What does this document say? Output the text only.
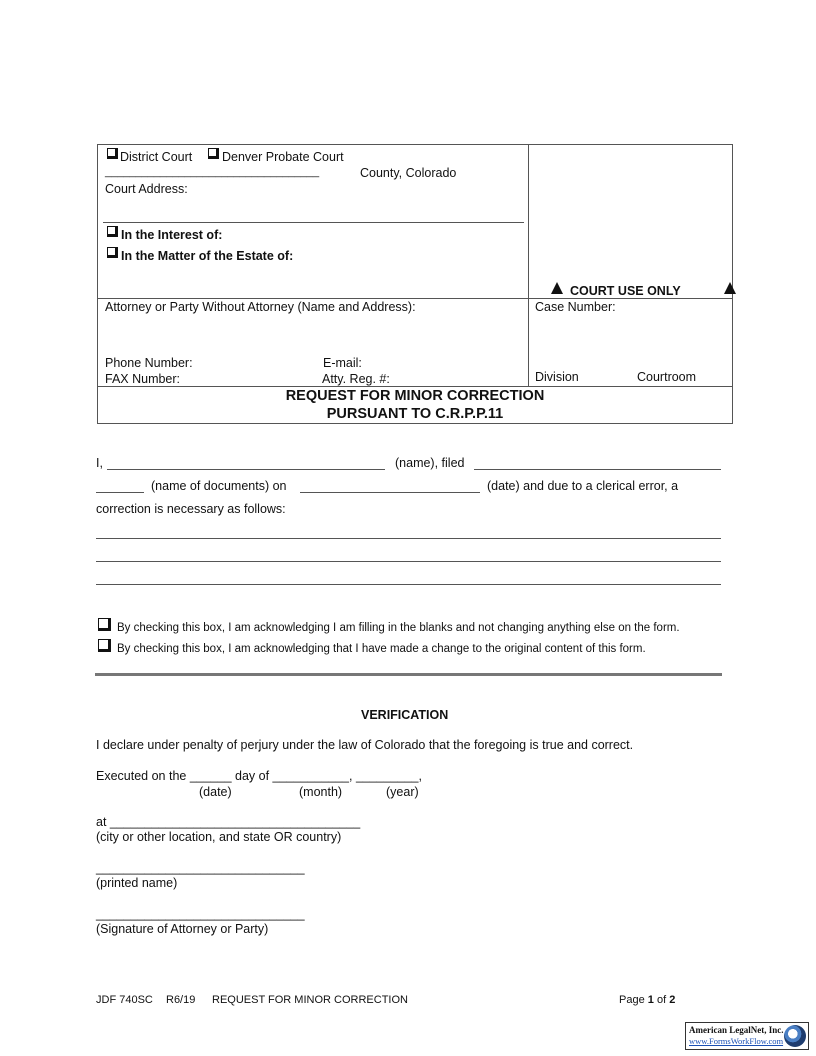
District Court Denver Probate Court
___________________________________	County, Colorado
Court Address:
In the Interest of:
In the Matter of the Estate of:
COURT USE ONLY
Attorney or Party Without Attorney (Name and Address):	Case Number:
Phone Number:	E-mail:
FAX Number:	Atty. Reg. #:	Division	Courtroom
REQUEST FOR MINOR CORRECTION
PURSUANT TO C.R.P.P.11
I,	(name), filed
(name of documents) on	(date) and due to a clerical error, a
correction is necessary as follows:
By checking this box, I am acknowledging I am filling in the blanks and not changing anything else on the form.
By checking this box, I am acknowledging that I have made a change to the original content of this form.
VERIFICATION
I declare under penalty of perjury under the law of Colorado that the foregoing is true and correct.
Executed on the ______ day of ___________, _________,
(date)	(month)	(year)
at ____________________________________
(city or other location, and state OR country)
______________________________
(printed name)
______________________________
(Signature of Attorney or Party)
JDF 740SC R6/19 REQUEST FOR MINOR CORRECTION	Page 1 of 2
American LegalNet, Inc.
www.FormsWorkFlow.com
